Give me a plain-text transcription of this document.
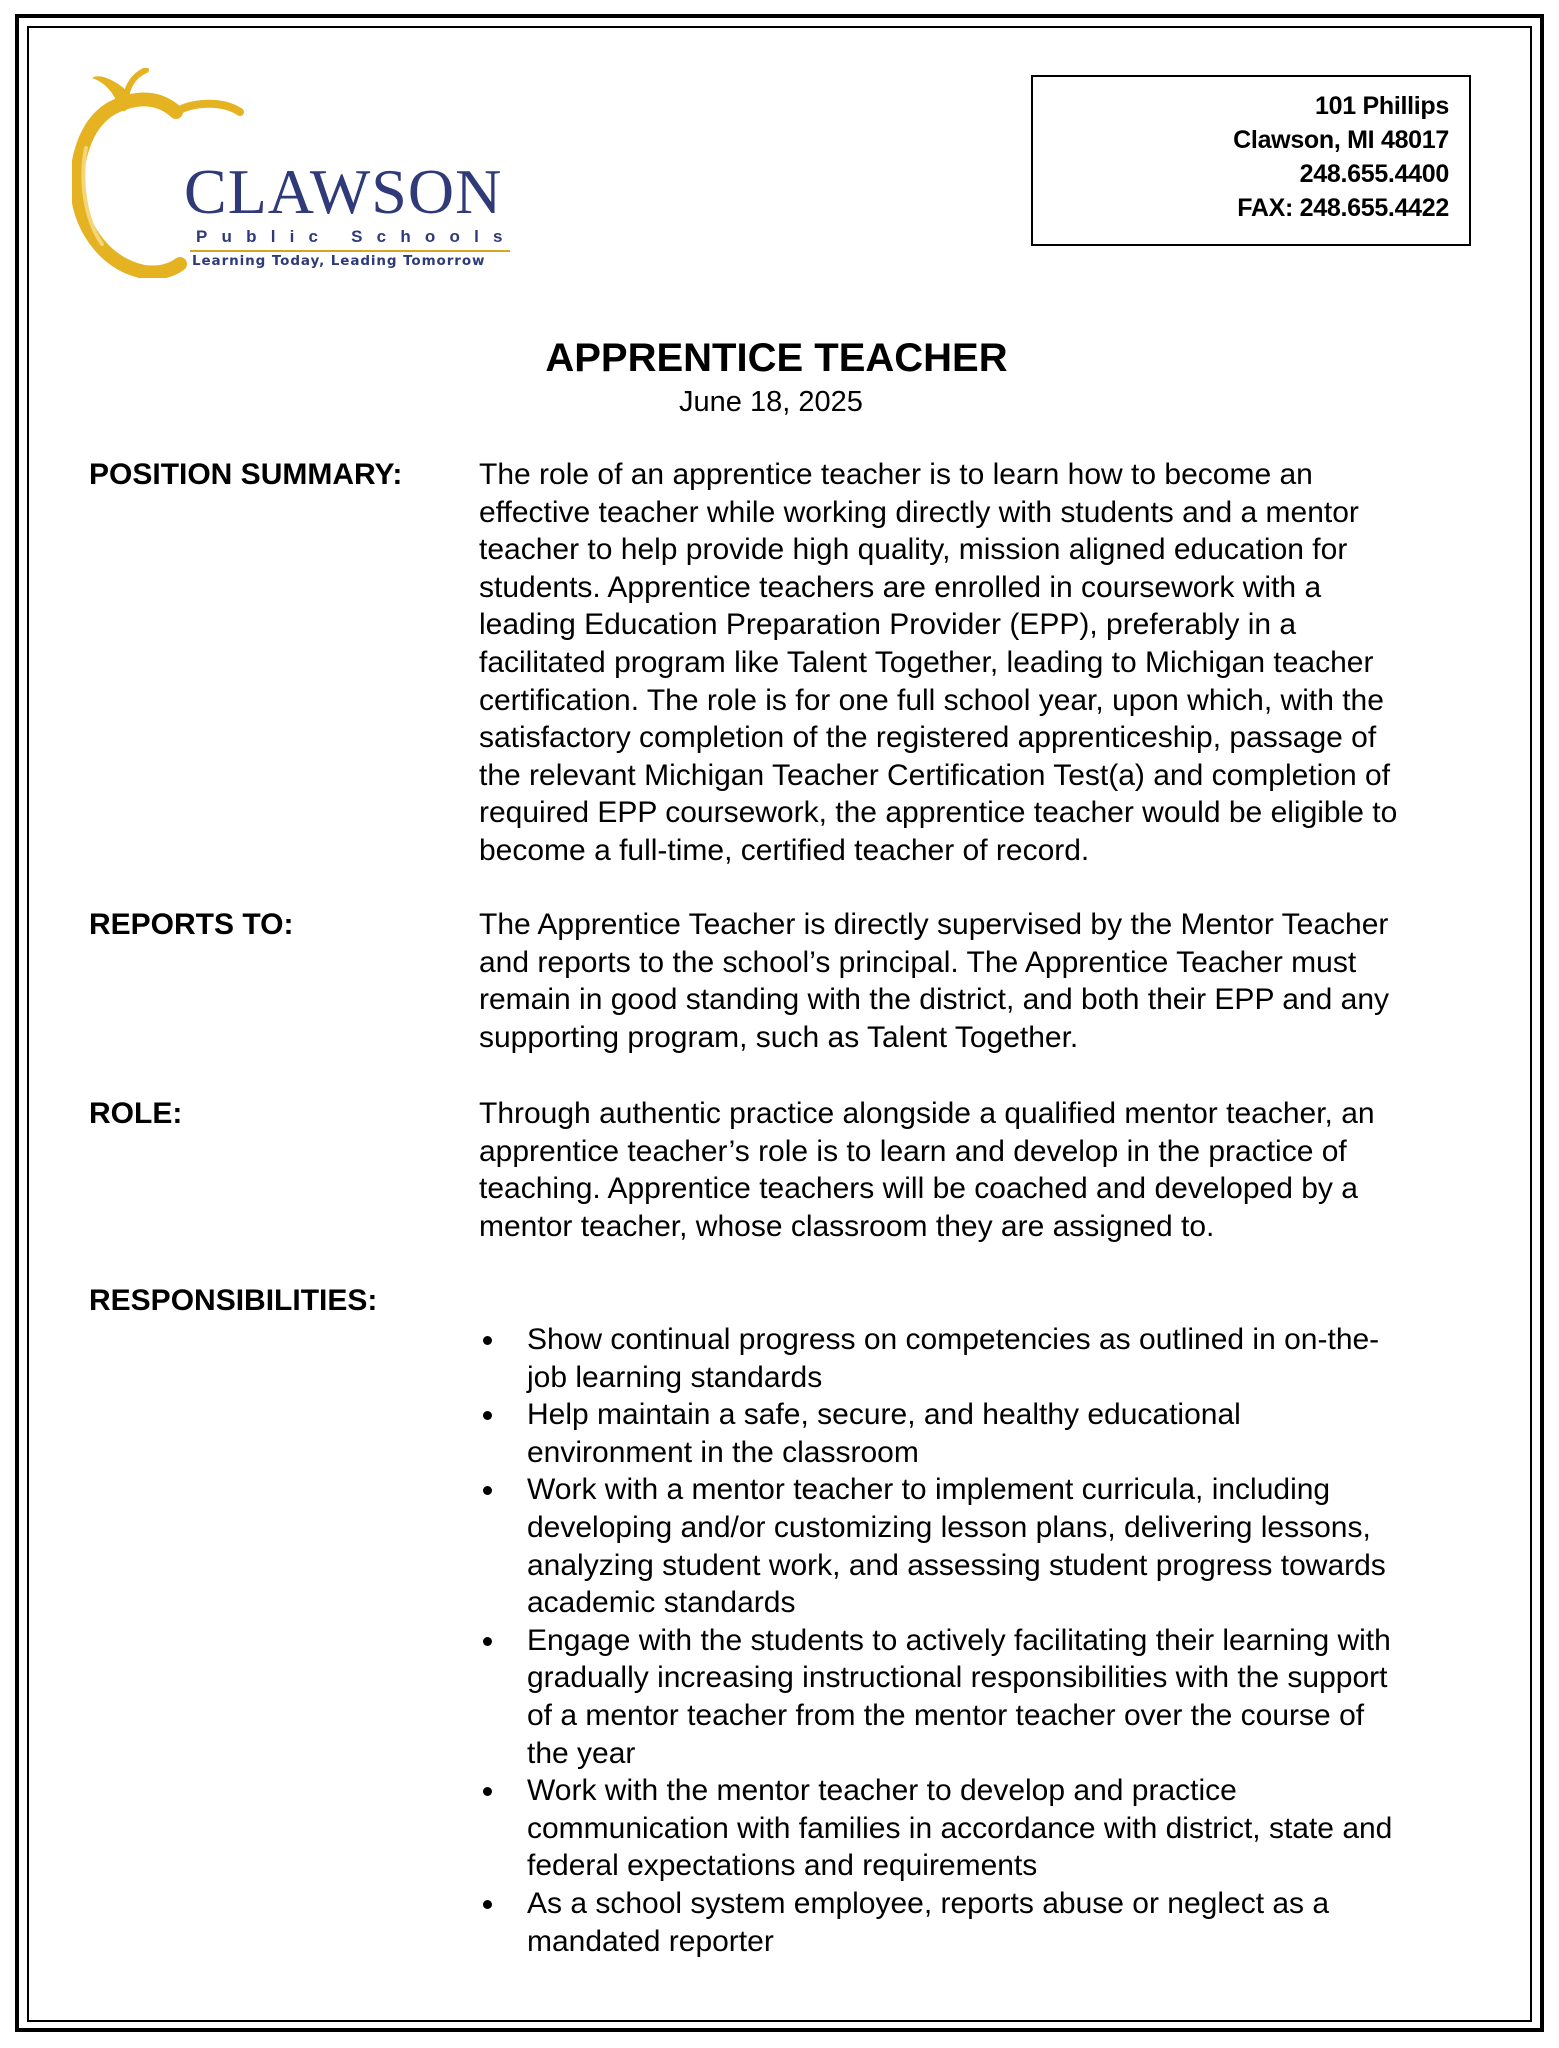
CLAWSON
Public Schools
Learning Today, Leading Tomorrow
101 Phillips
Clawson, MI 48017
248.655.4400
FAX: 248.655.4422
APPRENTICE TEACHER
June 18, 2025
POSITION SUMMARY:	The role of an apprentice teacher is to learn how to become an
effective teacher while working directly with students and a mentor
teacher to help provide high quality, mission aligned education for
students. Apprentice teachers are enrolled in coursework with a
leading Education Preparation Provider (EPP), preferably in a
facilitated program like Talent Together, leading to Michigan teacher
certification. The role is for one full school year, upon which, with the
satisfactory completion of the registered apprenticeship, passage of
the relevant Michigan Teacher Certification Test(a) and completion of
required EPP coursework, the apprentice teacher would be eligible to
become a full-time, certified teacher of record.
REPORTS TO:	The Apprentice Teacher is directly supervised by the Mentor Teacher
and reports to the school’s principal. The Apprentice Teacher must
remain in good standing with the district, and both their EPP and any
supporting program, such as Talent Together.
ROLE:	Through authentic practice alongside a qualified mentor teacher, an
apprentice teacher’s role is to learn and develop in the practice of
teaching. Apprentice teachers will be coached and developed by a
mentor teacher, whose classroom they are assigned to.
RESPONSIBILITIES:
Show continual progress on competencies as outlined in on-the-
job learning standards
Help maintain a safe, secure, and healthy educational
environment in the classroom
Work with a mentor teacher to implement curricula, including
developing and/or customizing lesson plans, delivering lessons,
analyzing student work, and assessing student progress towards
academic standards
Engage with the students to actively facilitating their learning with
gradually increasing instructional responsibilities with the support
of a mentor teacher from the mentor teacher over the course of
the year
Work with the mentor teacher to develop and practice
communication with families in accordance with district, state and
federal expectations and requirements
As a school system employee, reports abuse or neglect as a
mandated reporter
